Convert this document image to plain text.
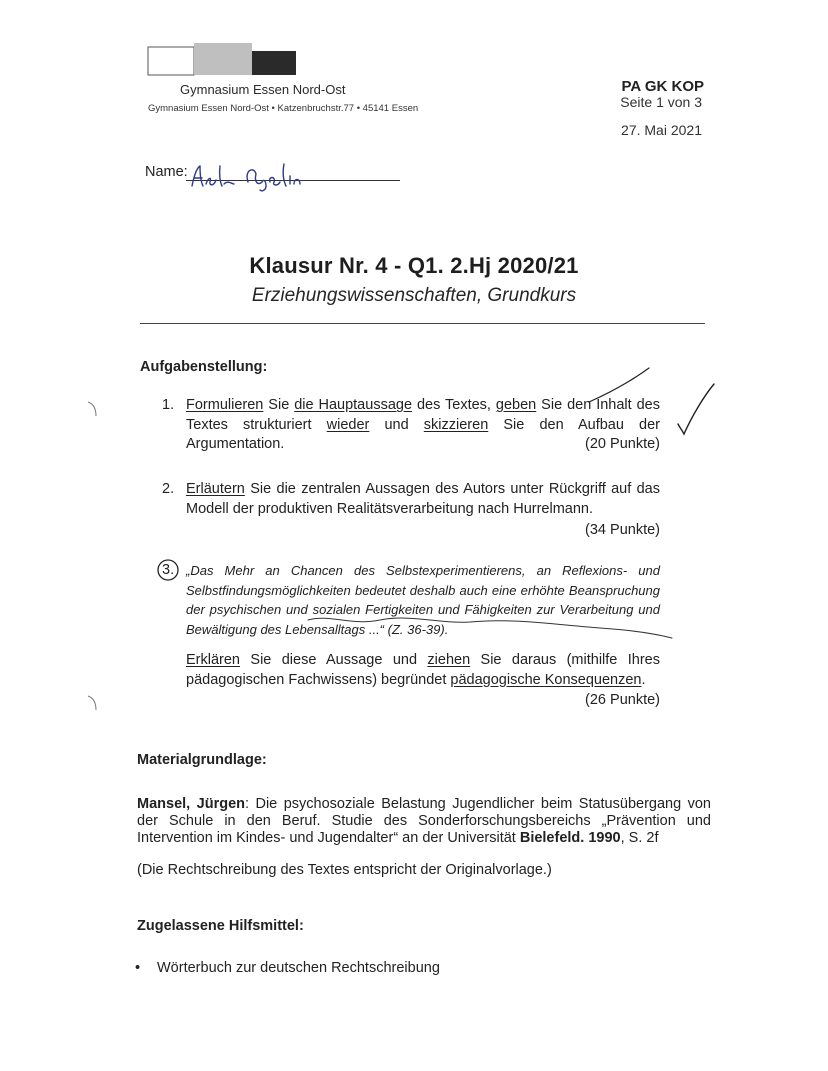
Gymnasium Essen Nord-Ost
Gymnasium Essen Nord-Ost • Katzenbruchstr.77 • 45141 Essen
PA GK KOP
Seite 1 von 3
27. Mai 2021
Name:
Klausur Nr. 4 - Q1. 2.Hj 2020/21
Erziehungswissenschaften, Grundkurs
Aufgabenstellung:
1. Formulieren Sie die Hauptaussage des Textes, geben Sie den Inhalt des Textes strukturiert wieder und skizzieren Sie den Aufbau der Argumentation.	(20 Punkte)
2. Erläutern Sie die zentralen Aussagen des Autors unter Rückgriff auf das Modell der produktiven Realitätsverarbeitung nach Hurrelmann.
(34 Punkte)
3. „Das Mehr an Chancen des Selbstexperimentierens, an Reflexions- und Selbstfindungsmöglichkeiten bedeutet deshalb auch eine erhöhte Beanspruchung der psychischen und sozialen Fertigkeiten und Fähigkeiten zur Verarbeitung und Bewältigung des Lebensalltags ...“ (Z. 36-39).
Erklären Sie diese Aussage und ziehen Sie daraus (mithilfe Ihres pädagogischen Fachwissens) begründet pädagogische Konsequenzen.
(26 Punkte)
Materialgrundlage:
Mansel, Jürgen: Die psychosoziale Belastung Jugendlicher beim Statusübergang von der Schule in den Beruf. Studie des Sonderforschungsbereichs „Prävention und Intervention im Kindes- und Jugendalter“ an der Universität Bielefeld. 1990, S. 2f
(Die Rechtschreibung des Textes entspricht der Originalvorlage.)
Zugelassene Hilfsmittel:
• Wörterbuch zur deutschen Rechtschreibung
